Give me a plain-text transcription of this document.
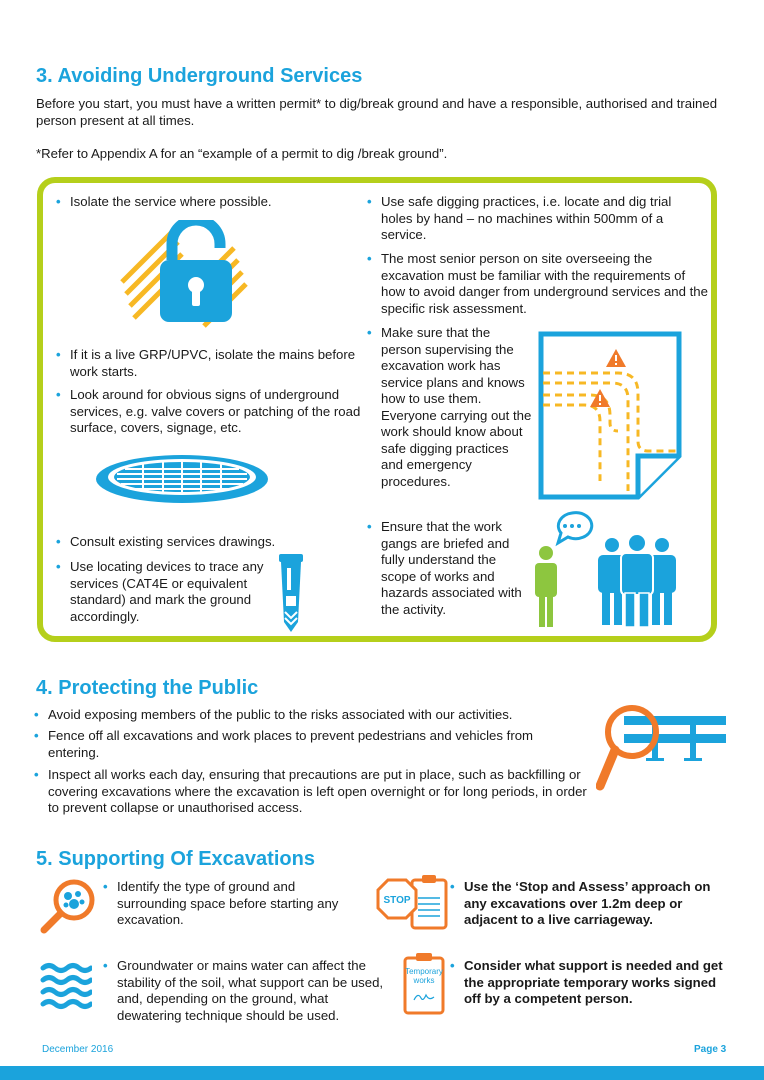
3. Avoiding Underground Services
Before you start, you must have a written permit* to dig/break ground and have a responsible, authorised and trained person present at all times.
*Refer to Appendix A for an “example of a permit to dig /break ground”.
• Isolate the service where possible.
• If it is a live GRP/UPVC, isolate the mains before work starts.
• Look around for obvious signs of underground services, e.g. valve covers or patching of the road surface, covers, signage, etc.
• Consult existing services drawings.
• Use locating devices to trace any services (CAT4E or equivalent standard) and mark the ground accordingly.
• Use safe digging practices, i.e. locate and dig trial holes by hand – no machines within 500mm of a service.
• The most senior person on site overseeing the excavation must be familiar with the requirements of how to avoid danger from underground services and the specific risk assessment.
• Make sure that the person supervising the excavation work has service plans and knows how to use them. Everyone carrying out the work should know about safe digging practices and emergency procedures.
• Ensure that the work gangs are briefed and fully understand the scope of works and hazards associated with the activity.
4. Protecting the Public
• Avoid exposing members of the public to the risks associated with our activities.
• Fence off all excavations and work places to prevent pedestrians and vehicles from entering.
• Inspect all works each day, ensuring that precautions are put in place, such as backfilling or covering excavations where the excavation is left open overnight or for long periods, in order to prevent collapse or unauthorised access.
5. Supporting Of Excavations
• Identify the type of ground and surrounding space before starting any excavation.
• Groundwater or mains water can affect the stability of the soil, what support can be used, and, depending on the ground, what dewatering technique should be used.
STOP
• Use the ‘Stop and Assess’ approach on any excavations over 1.2m deep or adjacent to a live carriageway.
Temporary
works
• Consider what support is needed and get the appropriate temporary works signed off by a competent person.
December 2016	Page 3
